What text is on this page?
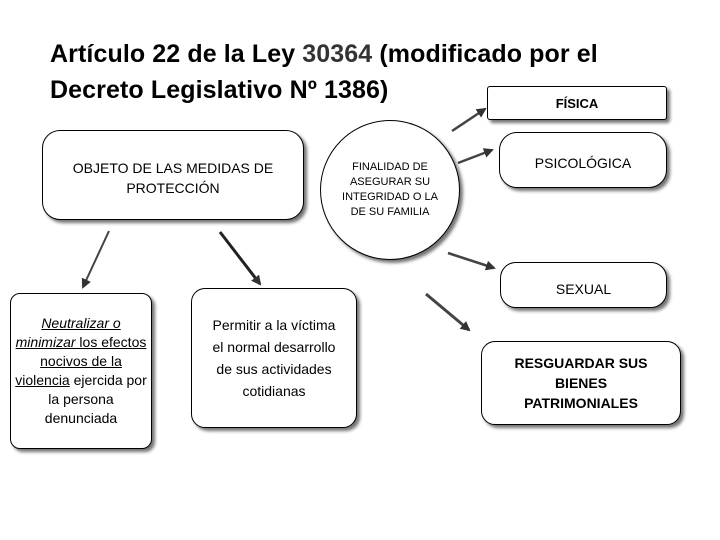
Artículo 22 de la Ley 30364 (modificado por el
Decreto Legislativo Nº 1386)	FÍSICA
OBJETO DE LAS MEDIDAS DE PROTECCIÓN
FINALIDAD DE ASEGURAR SU INTEGRIDAD O LA DE SU FAMILIA
PSICOLÓGICA
SEXUAL
Neutralizar o minimizar los efectos nocivos de la violencia ejercida por la persona denunciada
Permitir a la víctima el normal desarrollo de sus actividades cotidianas
RESGUARDAR SUS BIENES PATRIMONIALES
